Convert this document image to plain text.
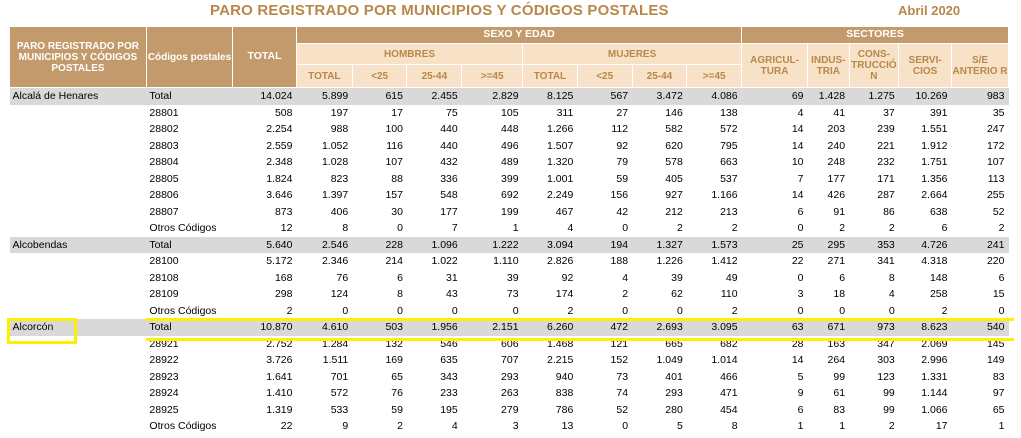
PARO REGISTRADO POR MUNICIPIOS Y CÓDIGOS POSTALES	Abril 2020
PARO REGISTRADO POR MUNICIPIOS Y CÓDIGOS POSTALES	Códigos postales	TOTAL	SEXO Y EDAD								SECTORES				
			HOMBRES				MUJERES				AGRICUL-TURA	INDUS-TRIA	CONS-TRUCCIÓ N	SERVI-CIOS	S/E ANTERIO R
			TOTAL	<25	25-44	>=45	TOTAL	<25	25-44	>=45					
Alcalá de Henares	Total	14.024	5.899	615	2.455	2.829	8.125	567	3.472	4.086	69	1.428	1.275	10.269	983
	28801	508	197	17	75	105	311	27	146	138	4	41	37	391	35
	28802	2.254	988	100	440	448	1.266	112	582	572	14	203	239	1.551	247
	28803	2.559	1.052	116	440	496	1.507	92	620	795	14	240	221	1.912	172
	28804	2.348	1.028	107	432	489	1.320	79	578	663	10	248	232	1.751	107
	28805	1.824	823	88	336	399	1.001	59	405	537	7	177	171	1.356	113
	28806	3.646	1.397	157	548	692	2.249	156	927	1.166	14	426	287	2.664	255
	28807	873	406	30	177	199	467	42	212	213	6	91	86	638	52
	Otros Códigos	12	8	0	7	1	4	0	2	2	0	2	2	6	2
Alcobendas	Total	5.640	2.546	228	1.096	1.222	3.094	194	1.327	1.573	25	295	353	4.726	241
	28100	5.172	2.346	214	1.022	1.110	2.826	188	1.226	1.412	22	271	341	4.318	220
	28108	168	76	6	31	39	92	4	39	49	0	6	8	148	6
	28109	298	124	8	43	73	174	2	62	110	3	18	4	258	15
	Otros Códigos	2	0	0	0	0	2	0	0	2	0	0	0	2	0
Alcorcón	Total	10.870	4.610	503	1.956	2.151	6.260	472	2.693	3.095	63	671	973	8.623	540
	28921	2.752	1.284	132	546	606	1.468	121	665	682	28	163	347	2.069	145
	28922	3.726	1.511	169	635	707	2.215	152	1.049	1.014	14	264	303	2.996	149
	28923	1.641	701	65	343	293	940	73	401	466	5	99	123	1.331	83
	28924	1.410	572	76	233	263	838	74	293	471	9	61	99	1.144	97
	28925	1.319	533	59	195	279	786	52	280	454	6	83	99	1.066	65
	Otros Códigos	22	9	2	4	3	13	0	5	8	1	1	2	17	1
